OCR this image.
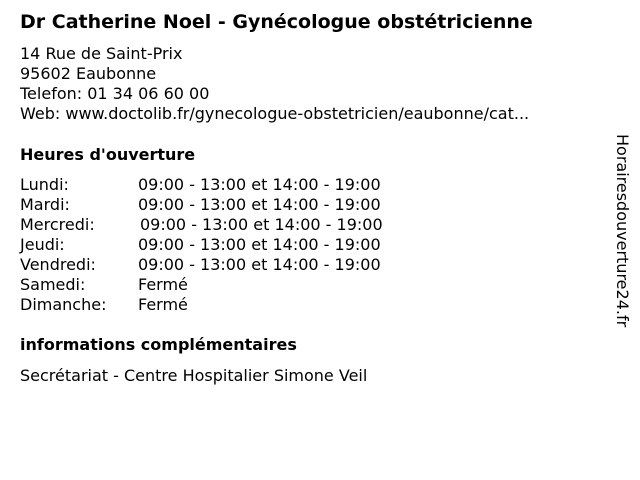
Dr Catherine Noel - Gynécologue obstétricienne
14 Rue de Saint-Prix
95602 Eaubonne
Telefon: 01 34 06 60 00
Web: www.doctolib.fr/gynecologue-obstetricien/eaubonne/cat...
Heures d'ouverture
Lundi:	09:00 - 13:00 et 14:00 - 19:00
Mardi:	09:00 - 13:00 et 14:00 - 19:00
Mercredi:	09:00 - 13:00 et 14:00 - 19:00
Jeudi:	09:00 - 13:00 et 14:00 - 19:00
Vendredi:	09:00 - 13:00 et 14:00 - 19:00
Samedi:	Fermé
Dimanche: Fermé
informations complémentaires
Secrétariat - Centre Hospitalier Simone Veil
Horairesdouverture24.fr
